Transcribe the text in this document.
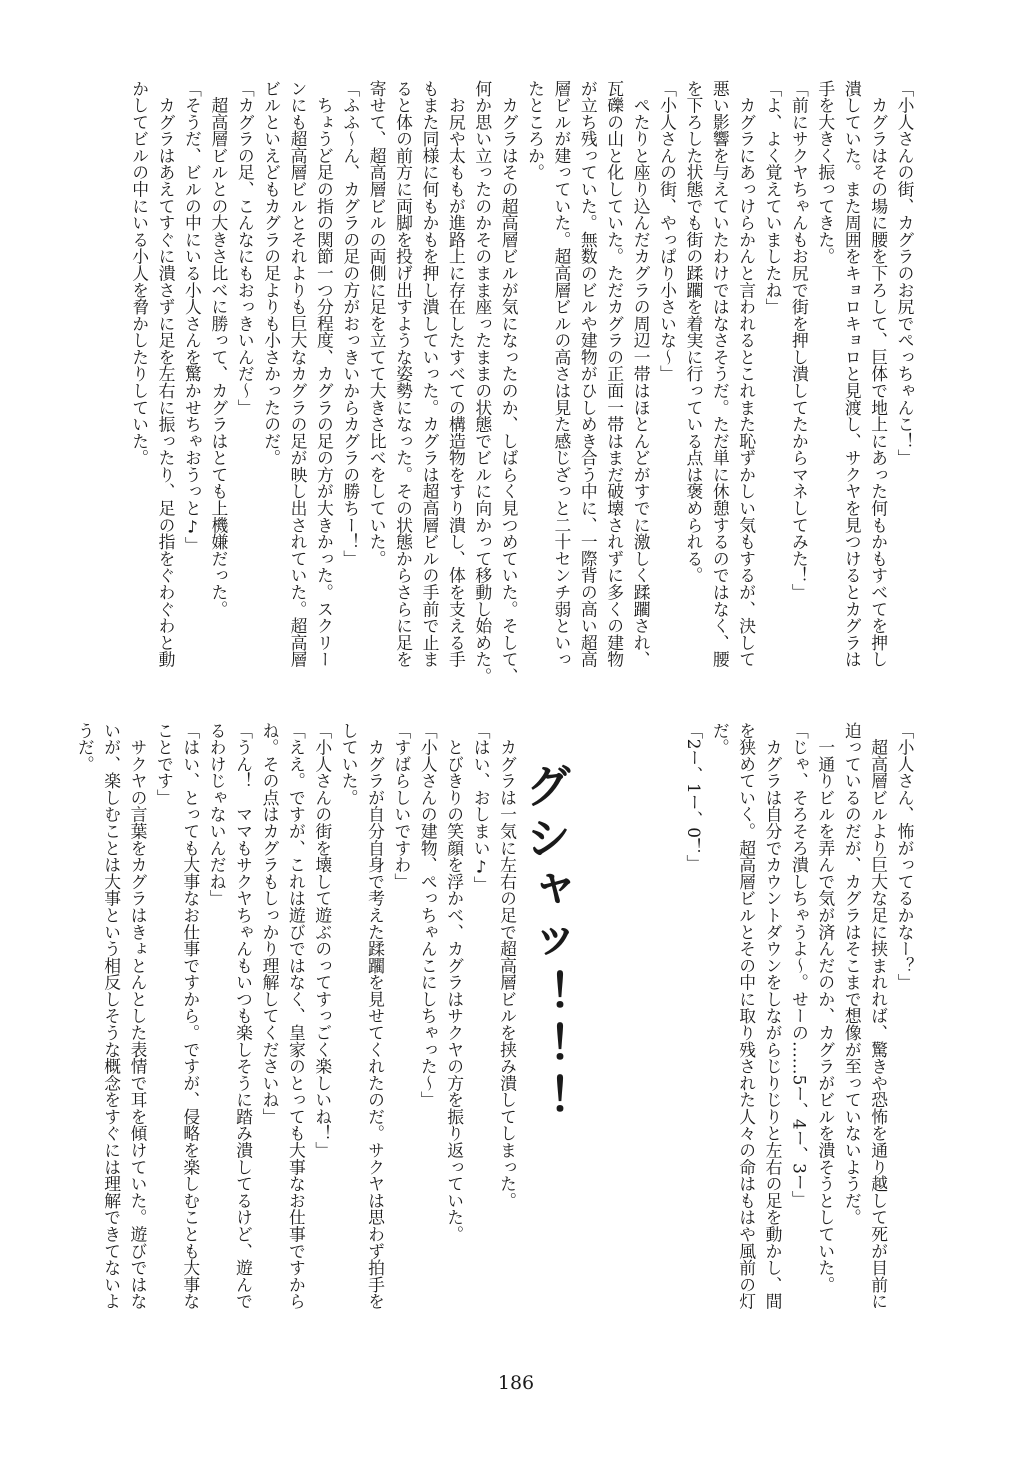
「小人さんの街、カグラのお尻でぺっちゃんこ！」
　カグラはその場に腰を下ろして、巨体で地上にあった何もかもすべてを押し
潰していた。また周囲をキョロキョロと見渡し、サクヤを見つけるとカグラは
手を大きく振ってきた。
「前にサクヤちゃんもお尻で街を押し潰してたからマネしてみた！」
「よ、よく覚えていましたね」
　カグラにあっけらかんと言われるとこれまた恥ずかしい気もするが、決して
悪い影響を与えていたわけではなさそうだ。ただ単に休憩するのではなく、腰
を下ろした状態でも街の蹂躙を着実に行っている点は褒められる。
「小人さんの街、やっぱり小さいな〜」
　ぺたりと座り込んだカグラの周辺一帯はほとんどがすでに激しく蹂躙され、
瓦礫の山と化していた。ただカグラの正面一帯はまだ破壊されずに多くの建物
が立ち残っていた。無数のビルや建物がひしめき合う中に、一際背の高い超高
層ビルが建っていた。超高層ビルの高さは見た感じざっと二十センチ弱といっ
たところか。
　カグラはその超高層ビルが気になったのか、しばらく見つめていた。そして、
何か思い立ったのかそのまま座ったままの状態でビルに向かって移動し始めた。
　お尻や太ももが進路上に存在したすべての構造物をすり潰し、体を支える手
もまた同様に何もかもを押し潰していった。カグラは超高層ビルの手前で止ま
ると体の前方に両脚を投げ出すような姿勢になった。その状態からさらに足を
寄せて、超高層ビルの両側に足を立てて大きさ比べをしていた。
「ふふ〜ん、カグラの足の方がおっきいからカグラの勝ちー！」
　ちょうど足の指の関節一つ分程度、カグラの足の方が大きかった。スクリー
ンにも超高層ビルとそれよりも巨大なカグラの足が映し出されていた。超高層
ビルといえどもカグラの足よりも小さかったのだ。
「カグラの足、こんなにもおっきいんだ〜」
　超高層ビルとの大きさ比べに勝って、カグラはとても上機嫌だった。
「そうだ、ビルの中にいる小人さんを驚かせちゃおうっと♪」
　カグラはあえてすぐに潰さずに足を左右に振ったり、足の指をぐわぐわと動
かしてビルの中にいる小人を脅かしたりしていた。
「小人さん、怖がってるかなー？」
　超高層ビルより巨大な足に挟まれれば、驚きや恐怖を通り越して死が目前に
迫っているのだが、カグラはそこまで想像が至っていないようだ。
　一通りビルを弄んで気が済んだのか、カグラがビルを潰そうとしていた。
「じゃ、そろそろ潰しちゃうよ〜。せーの……5ー、4ー、3ー」
　カグラは自分でカウントダウンをしながらじりじりと左右の足を動かし、間
を狭めていく。超高層ビルとその中に取り残された人々の命はもはや風前の灯
だ。
「2ー、1ー、0！」
グシャッ！！！
　カグラは一気に左右の足で超高層ビルを挟み潰してしまった。
「はい、おしまい♪」
　とびきりの笑顔を浮かべ、カグラはサクヤの方を振り返っていた。
「小人さんの建物、ぺっちゃんこにしちゃった〜」
「すばらしいですわ」
　カグラが自分自身で考えた蹂躙を見せてくれたのだ。サクヤは思わず拍手を
していた。
「小人さんの街を壊して遊ぶのってすっごく楽しいね！」
「ええ。ですが、これは遊びではなく、皇家のとっても大事なお仕事ですから
ね。その点はカグラもしっかり理解してくださいね」
「うん！　ママもサクヤちゃんもいつも楽しそうに踏み潰してるけど、遊んで
るわけじゃないんだね」
「はい、とっても大事なお仕事ですから。ですが、侵略を楽しむことも大事な
ことです」
　サクヤの言葉をカグラはきょとんとした表情で耳を傾けていた。遊びではな
いが、楽しむことは大事という相反しそうな概念をすぐには理解できてないよ
うだ。
186
